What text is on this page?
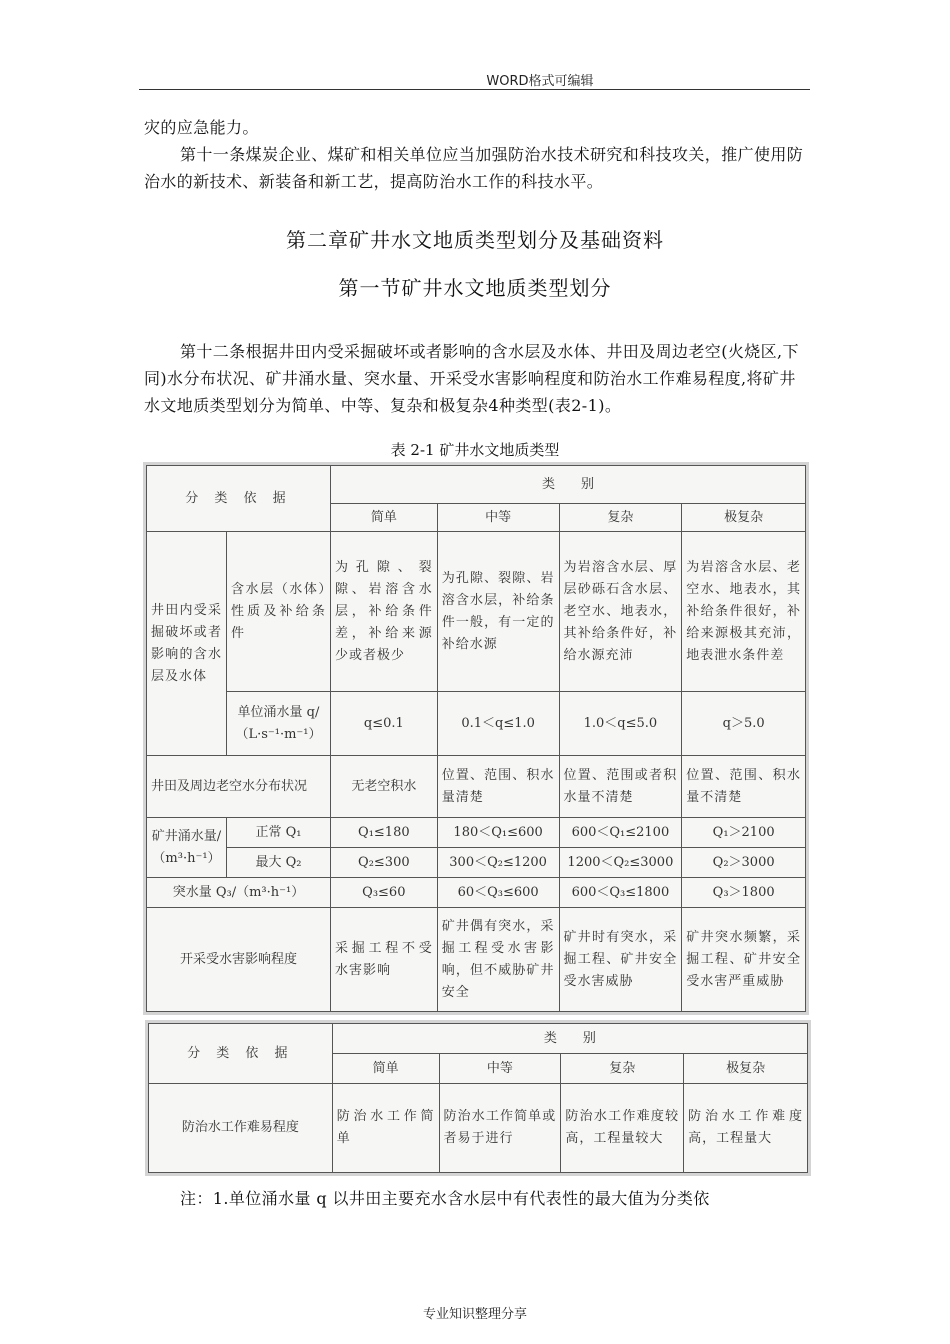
WORD格式可编辑
灾的应急能力。
第十一条煤炭企业、煤矿和相关单位应当加强防治水技术研究和科技攻关，推广使用防治水的新技术、新装备和新工艺，提高防治水工作的科技水平。
第二章矿井水文地质类型划分及基础资料
第一节矿井水文地质类型划分
第十二条根据井田内受采掘破坏或者影响的含水层及水体、井田及周边老空(火烧区,下同)水分布状况、矿井涌水量、突水量、开采受水害影响程度和防治水工作难易程度,将矿井水文地质类型划分为简单、中等、复杂和极复杂4种类型(表2-1)。
表 2-1 矿井水文地质类型
分 类 依 据		类　　别			
		简单	中等	复杂	极复杂
井田内受采掘破坏或者影响的含水层及水体	含水层（水体）性质及补给条件	为孔隙、裂隙、岩溶含水层，补给条件差，补给来源少或者极少	为孔隙、裂隙、岩溶含水层，补给条件一般，有一定的补给水源	为岩溶含水层、厚层砂砾石含水层、老空水、地表水，其补给条件好，补给水源充沛	为岩溶含水层、老空水、地表水，其补给条件很好，补给来源极其充沛，地表泄水条件差
	单位涌水量 q/（L·s⁻¹·m⁻¹）	q≤0.1	0.1＜q≤1.0	1.0＜q≤5.0	q＞5.0
井田及周边老空水分布状况		无老空积水	位置、范围、积水量清楚	位置、范围或者积水量不清楚	位置、范围、积水量不清楚
矿井涌水量/（m³·h⁻¹）	正常 Q₁	Q₁≤180	180＜Q₁≤600	600＜Q₁≤2100	Q₁＞2100
	最大 Q₂	Q₂≤300	300＜Q₂≤1200	1200＜Q₂≤3000	Q₂＞3000
突水量 Q₃/（m³·h⁻¹）		Q₃≤60	60＜Q₃≤600	600＜Q₃≤1800	Q₃＞1800
开采受水害影响程度		采掘工程不受水害影响	矿井偶有突水，采掘工程受水害影响，但不威胁矿井安全	矿井时有突水，采掘工程、矿井安全受水害威胁	矿井突水频繁，采掘工程、矿井安全受水害严重威胁
分 类 依 据	类　　别			
	简单	中等	复杂	极复杂
防治水工作难易程度	防治水工作简单	防治水工作简单或者易于进行	防治水工作难度较高，工程量较大	防治水工作难度高，工程量大
注：1.单位涌水量 q 以井田主要充水含水层中有代表性的最大值为分类依
专业知识整理分享
